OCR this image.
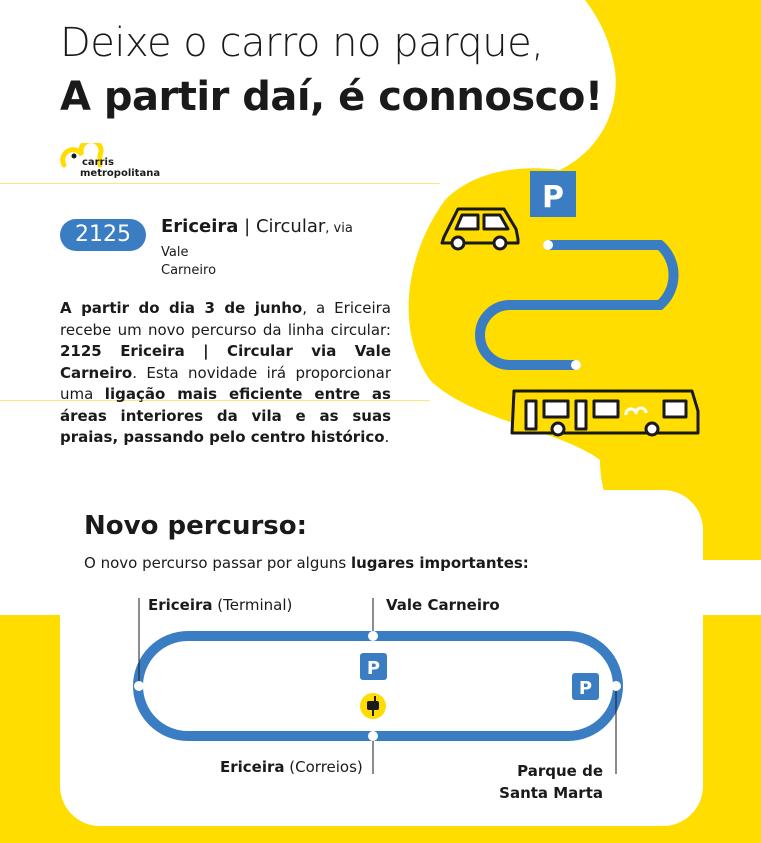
Deixe o carro no parque,
A partir daí, é connosco!
carris
metropolitana
2125	Ericeira | Circular, via Vale
Carneiro
A partir do dia 3 de junho, a Ericeira recebe um novo percurso da linha circular: 2125 Ericeira | Circular via Vale Carneiro. Esta novidade irá proporcionar uma ligação mais eficiente entre as áreas interiores da vila e as suas praias, passando pelo centro histórico.
P
Novo percurso:
O novo percurso passar por alguns lugares importantes:
P
P
Ericeira (Terminal)	Vale Carneiro
Ericeira (Correios)	Parque de
Santa Marta
